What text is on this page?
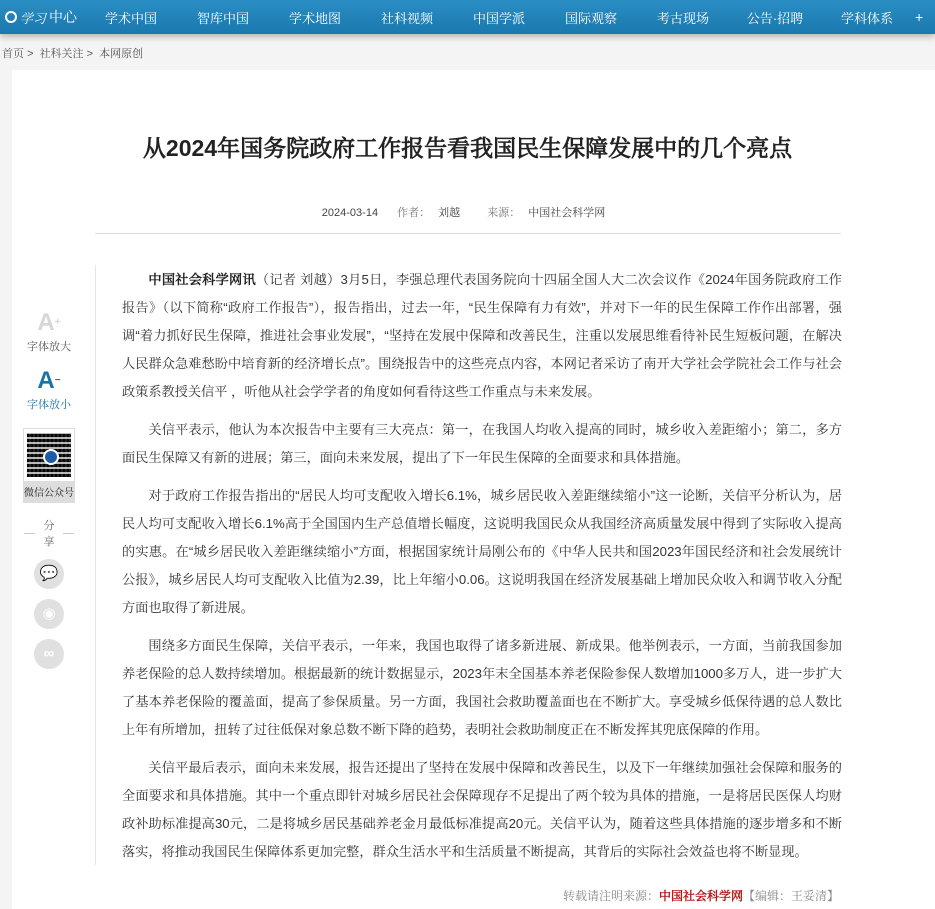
学习 中心	学术中国	智库中国	学术地图	社科视频	中国学派	国际观察	考古现场	公告·招聘	学科体系	+
首页 > 社科关注 > 本网原创
从2024年国务院政府工作报告看我国民生保障发展中的几个亮点
2024-03-14 作者： 刘越 来源： 中国社会科学网
A+
字体放大
A−
字体放小
微信公众号
分享
💬
◉
∞

中国社会科学网讯（记者 刘越）3月5日，李强总理代表国务院向十四届全国人大二次会议作《2024年国务院政府工作报告》（以下简称“政府工作报告”），报告指出，过去一年，“民生保障有力有效”，并对下一年的民生保障工作作出部署，强调“着力抓好民生保障，推进社会事业发展”，“坚持在发展中保障和改善民生，注重以发展思维看待补民生短板问题，在解决人民群众急难愁盼中培育新的经济增长点”。围绕报告中的这些亮点内容，本网记者采访了南开大学社会学院社会工作与社会政策系教授关信平 ，听他从社会学学者的角度如何看待这些工作重点与未来发展。

关信平表示，他认为本次报告中主要有三大亮点：第一，在我国人均收入提高的同时，城乡收入差距缩小；第二，多方面民生保障又有新的进展；第三，面向未来发展，提出了下一年民生保障的全面要求和具体措施。

对于政府工作报告指出的“居民人均可支配收入增长6.1%，城乡居民收入差距继续缩小”这一论断，关信平分析认为，居民人均可支配收入增长6.1%高于全国国内生产总值增长幅度，这说明我国民众从我国经济高质量发展中得到了实际收入提高的实惠。在“城乡居民收入差距继续缩小”方面，根据国家统计局刚公布的《中华人民共和国2023年国民经济和社会发展统计公报》，城乡居民人均可支配收入比值为2.39，比上年缩小0.06。这说明我国在经济发展基础上增加民众收入和调节收入分配方面也取得了新进展。

围绕多方面民生保障，关信平表示，一年来，我国也取得了诸多新进展、新成果。他举例表示，一方面，当前我国参加养老保险的总人数持续增加。根据最新的统计数据显示，2023年末全国基本养老保险参保人数增加1000多万人，进一步扩大了基本养老保险的覆盖面，提高了参保质量。另一方面，我国社会救助覆盖面也在不断扩大。享受城乡低保待遇的总人数比上年有所增加，扭转了过往低保对象总数不断下降的趋势，表明社会救助制度正在不断发挥其兜底保障的作用。

关信平最后表示，面向未来发展，报告还提出了坚持在发展中保障和改善民生，以及下一年继续加强社会保障和服务的全面要求和具体措施。其中一个重点即针对城乡居民社会保障现存不足提出了两个较为具体的措施，一是将居民医保人均财政补助标准提高30元，二是将城乡居民基础养老金月最低标准提高20元。关信平认为，随着这些具体措施的逐步增多和不断落实，将推动我国民生保障体系更加完整，群众生活水平和生活质量不断提高，其背后的实际社会效益也将不断显现。

转载请注明来源：中国社会科学网【编辑：王妥清】
